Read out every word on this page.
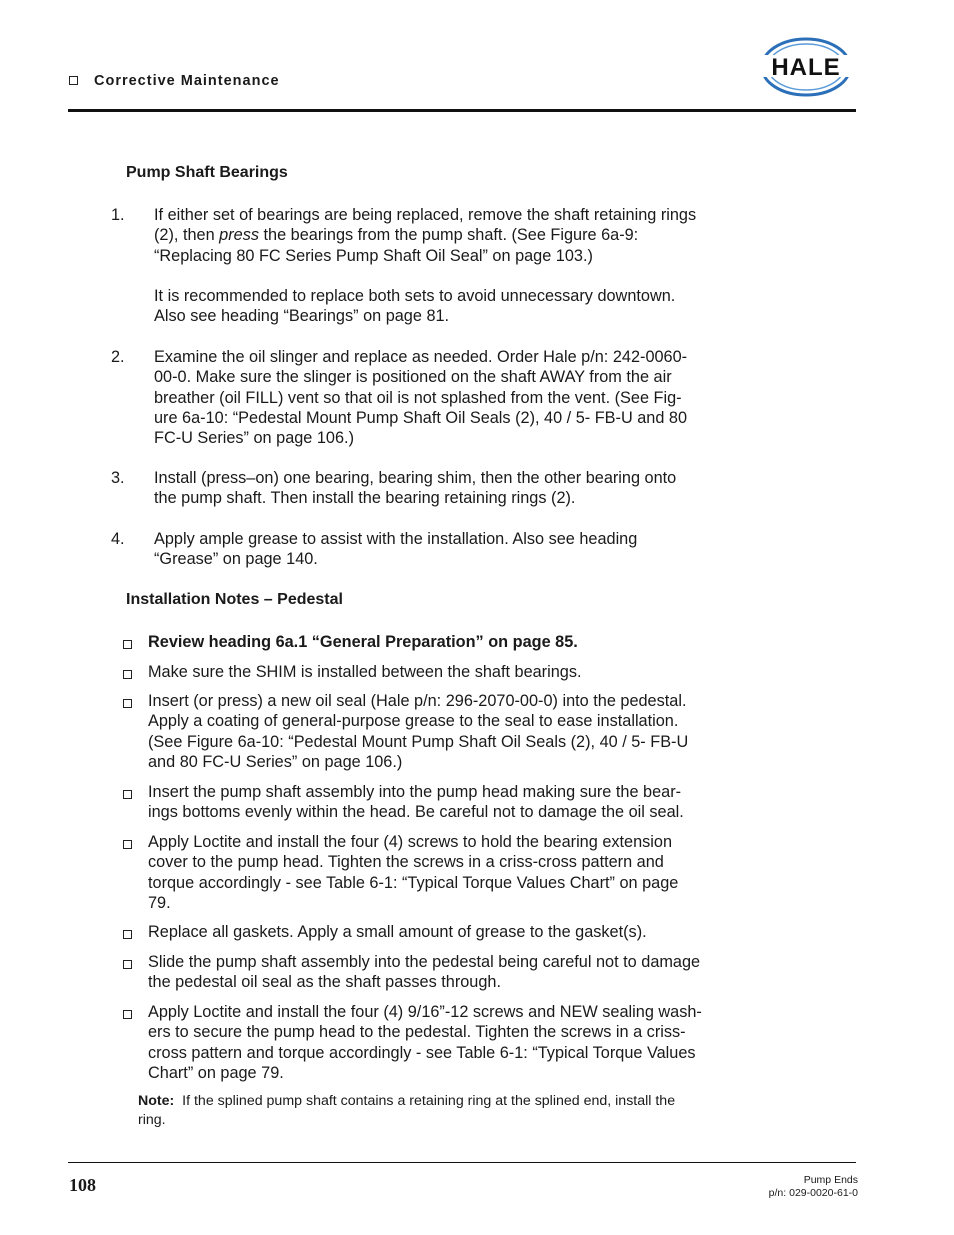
Corrective Maintenance	HALE
Pump Shaft Bearings
1. If either set of bearings are being replaced, remove the shaft retaining rings
(2), then press the bearings from the pump shaft. (See Figure 6a-9:
“Replacing 80 FC Series Pump Shaft Oil Seal” on page 103.)
It is recommended to replace both sets to avoid unnecessary downtown.
Also see heading “Bearings” on page 81.
2. Examine the oil slinger and replace as needed. Order Hale p/n: 242-0060-
00-0. Make sure the slinger is positioned on the shaft AWAY from the air
breather (oil FILL) vent so that oil is not splashed from the vent. (See Fig-
ure 6a-10: “Pedestal Mount Pump Shaft Oil Seals (2), 40 / 5- FB-U and 80
FC-U Series” on page 106.)
3. Install (press–on) one bearing, bearing shim, then the other bearing onto
the pump shaft. Then install the bearing retaining rings (2).
4. Apply ample grease to assist with the installation. Also see heading
“Grease” on page 140.
Installation Notes – Pedestal
Review heading 6a.1 “General Preparation” on page 85.
Make sure the SHIM is installed between the shaft bearings.
Insert (or press) a new oil seal (Hale p/n: 296-2070-00-0) into the pedestal.
Apply a coating of general-purpose grease to the seal to ease installation.
(See Figure 6a-10: “Pedestal Mount Pump Shaft Oil Seals (2), 40 / 5- FB-U
and 80 FC-U Series” on page 106.)
Insert the pump shaft assembly into the pump head making sure the bear-
ings bottoms evenly within the head. Be careful not to damage the oil seal.
Apply Loctite and install the four (4) screws to hold the bearing extension
cover to the pump head. Tighten the screws in a criss-cross pattern and
torque accordingly - see Table 6-1: “Typical Torque Values Chart” on page
79.
Replace all gaskets. Apply a small amount of grease to the gasket(s).
Slide the pump shaft assembly into the pedestal being careful not to damage
the pedestal oil seal as the shaft passes through.
Apply Loctite and install the four (4) 9/16”-12 screws and NEW sealing wash-
ers to secure the pump head to the pedestal. Tighten the screws in a criss-
cross pattern and torque accordingly - see Table 6-1: “Typical Torque Values
Chart” on page 79.
Note: If the splined pump shaft contains a retaining ring at the splined end, install the
ring.
108	Pump Ends
p/n: 029-0020-61-0
